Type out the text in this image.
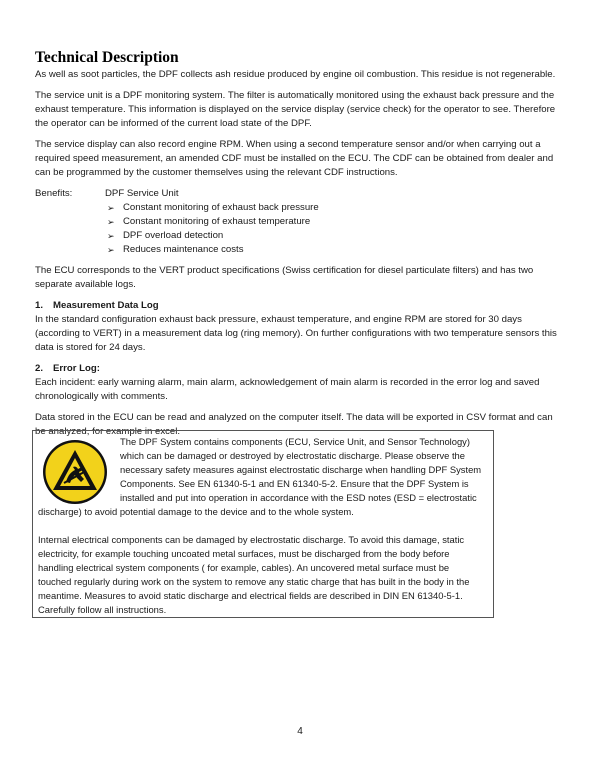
Technical Description

As well as soot particles, the DPF collects ash residue produced by engine oil combustion. This residue is not regenerable.

The service unit is a DPF monitoring system. The filter is automatically monitored using the exhaust back pressure and the exhaust temperature. This information is displayed on the service display (service check) for the operator to see. Therefore the operator can be informed of the current load state of the DPF.

The service display can also record engine RPM. When using a second temperature sensor and/or when carrying out a required speed measurement, an amended CDF must be installed on the ECU. The CDF can be obtained from dealer and can be programmed by the customer themselves using the relevant CDF instructions.

Benefits:	DPF Service Unit
➢ Constant monitoring of exhaust back pressure
➢ Constant monitoring of exhaust temperature
➢ DPF overload detection
➢ Reduces maintenance costs

The ECU corresponds to the VERT product specifications (Swiss certification for diesel particulate filters) and has two separate available logs.

1.	Measurement Data Log

In the standard configuration exhaust back pressure, exhaust temperature, and engine RPM are stored for 30 days (according to VERT) in a measurement data log (ring memory). On further configurations with two temperature sensors this data is stored for 24 days.

2.	Error Log:

Each incident: early warning alarm, main alarm, acknowledgement of main alarm is recorded in the error log and saved chronologically with comments.

Data stored in the ECU can be read and analyzed on the computer itself. The data will be exported in CSV format and can be analyzed, for example in excel.

The DPF System contains components (ECU, Service Unit, and Sensor Technology) which can be damaged or destroyed by electrostatic discharge. Please observe the necessary safety measures against electrostatic discharge when handling DPF System Components. See EN 61340-5-1 and EN 61340-5-2. Ensure that the DPF System is installed and put into operation in accordance with the ESD notes (ESD = electrostatic discharge) to avoid potential damage to the device and to the whole system.

Internal electrical components can be damaged by electrostatic discharge. To avoid this damage, static electricity, for example touching uncoated metal surfaces, must be discharged from the body before handling electrical system components ( for example, cables). An uncovered metal surface must be touched regularly during work on the system to remove any static charge that has built in the body in the meantime. Measures to avoid static discharge and electrical fields are described in DIN EN 61340-5-1. Carefully follow all instructions.

4
